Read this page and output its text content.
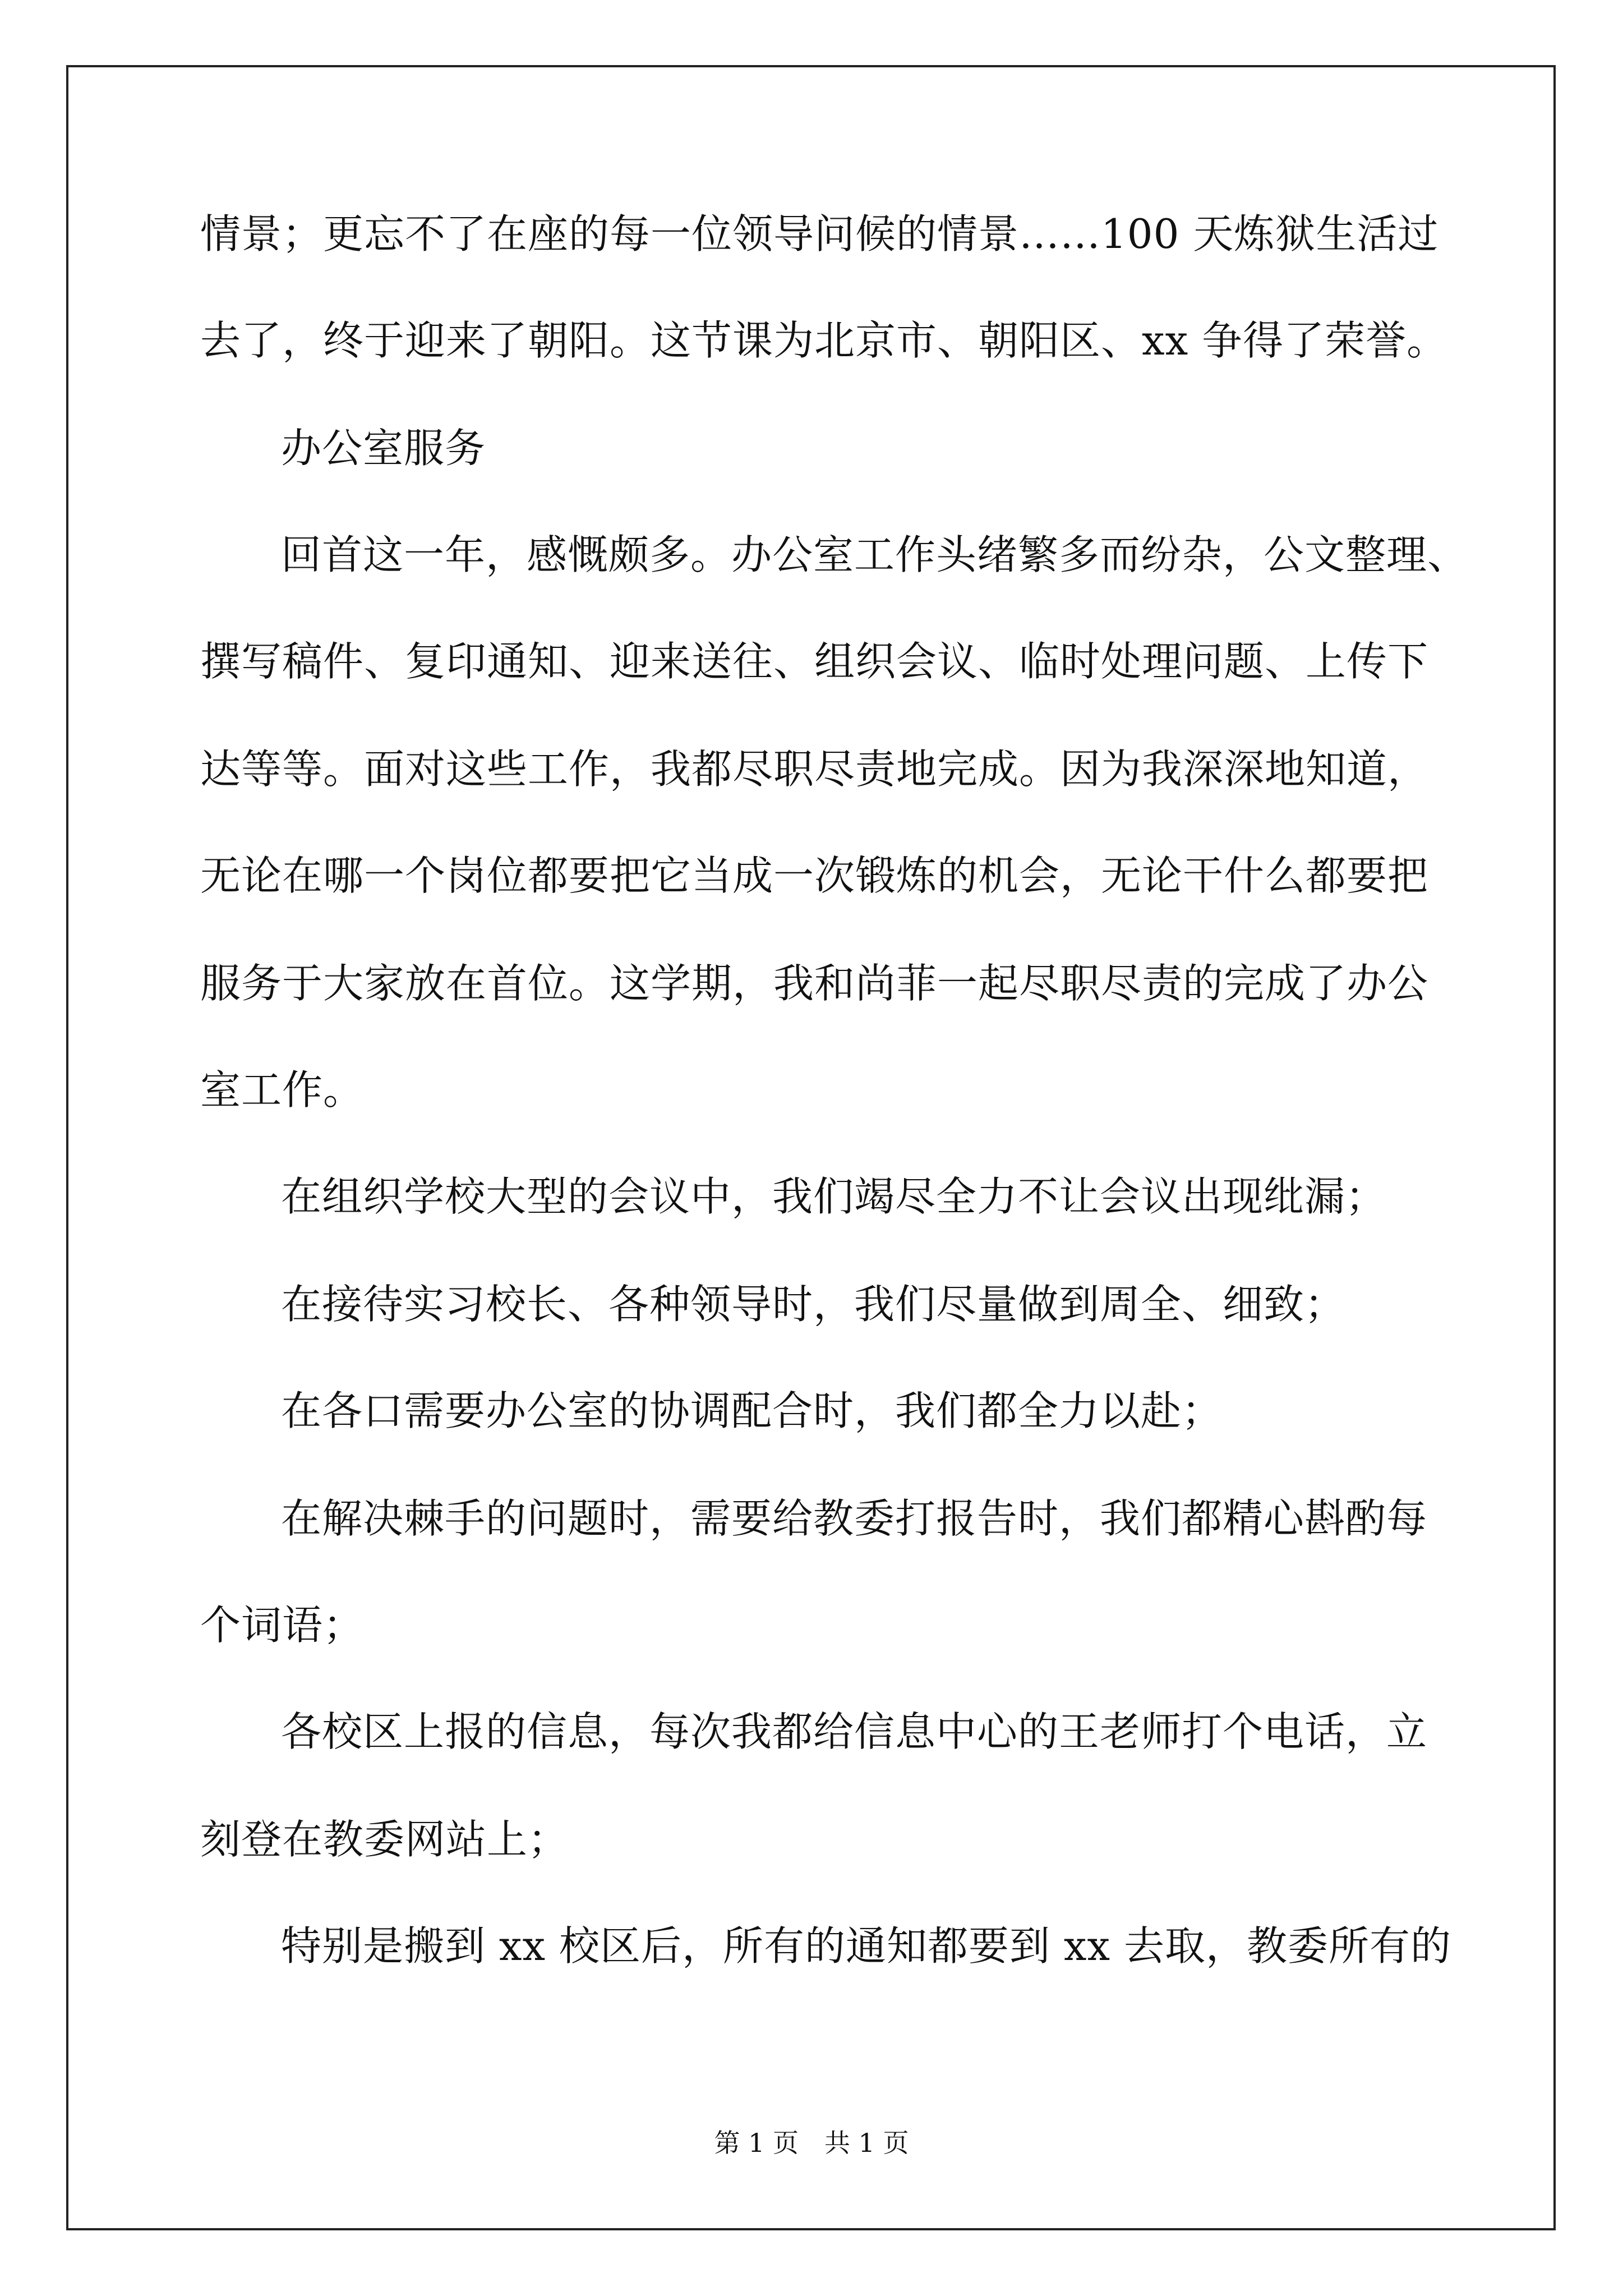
情景；更忘不了在座的每一位领导问候的情景……100 天炼狱生活过
去了，终于迎来了朝阳。这节课为北京市、朝阳区、xx 争得了荣誉。
办公室服务
回首这一年，感慨颇多。办公室工作头绪繁多而纷杂，公文整理、
撰写稿件、复印通知、迎来送往、组织会议、临时处理问题、上传下
达等等。面对这些工作，我都尽职尽责地完成。因为我深深地知道，
无论在哪一个岗位都要把它当成一次锻炼的机会，无论干什么都要把
服务于大家放在首位。这学期，我和尚菲一起尽职尽责的完成了办公
室工作。
在组织学校大型的会议中，我们竭尽全力不让会议出现纰漏；
在接待实习校长、各种领导时，我们尽量做到周全、细致；
在各口需要办公室的协调配合时，我们都全力以赴；
在解决棘手的问题时，需要给教委打报告时，我们都精心斟酌每
个词语；
各校区上报的信息，每次我都给信息中心的王老师打个电话，立
刻登在教委网站上；
特别是搬到 xx 校区后，所有的通知都要到 xx 去取，教委所有的
第 1 页　共 1 页
